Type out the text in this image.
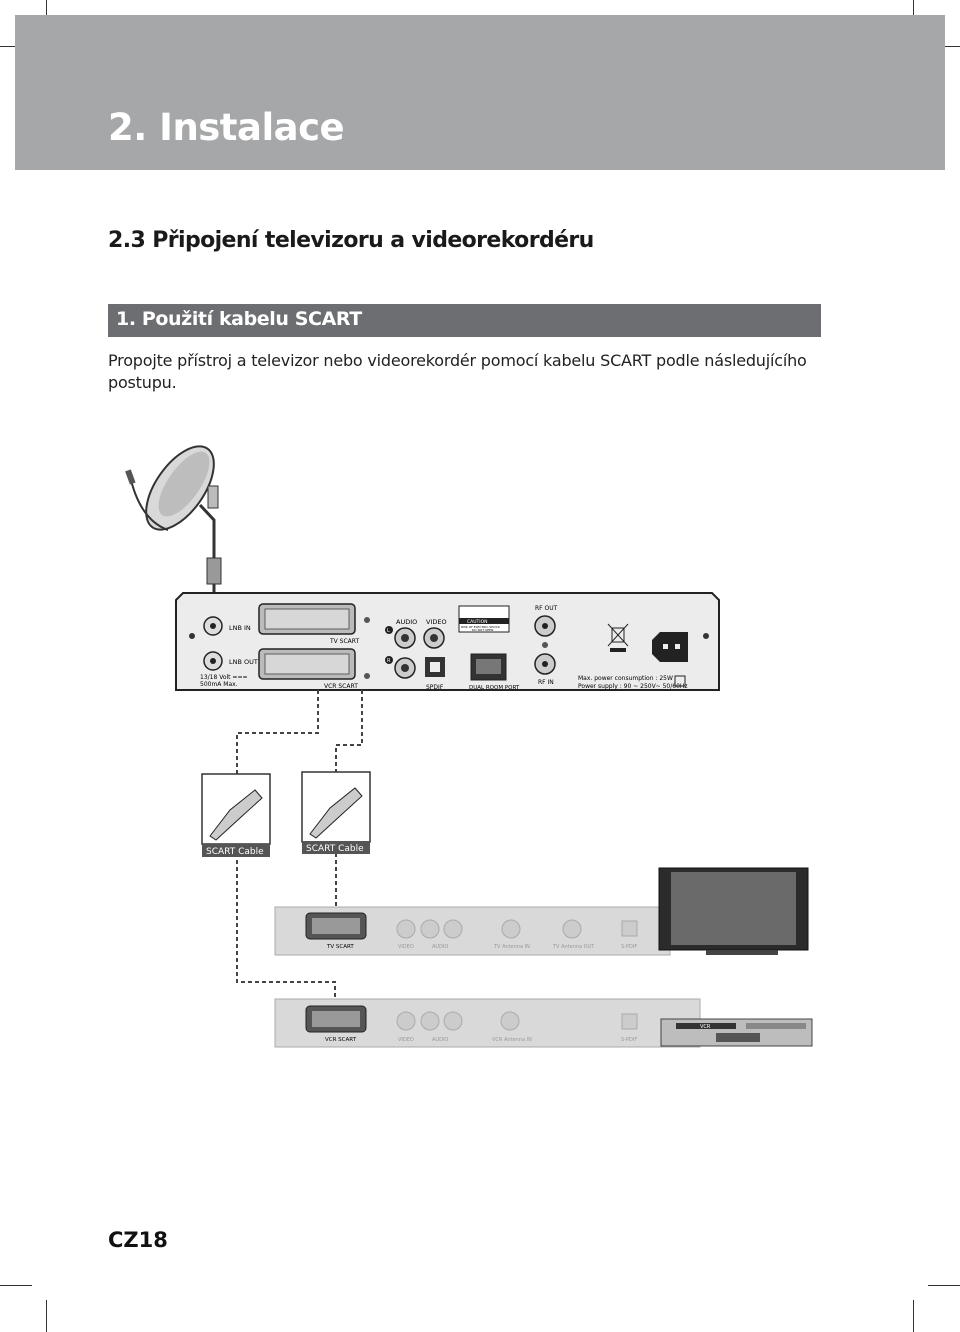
2. Instalace
2.3 Připojení televizoru a videorekordéru
1. Použití kabelu SCART
Propojte přístroj a televizor nebo videorekordér pomocí kabelu SCART podle následujícího postupu.
LNB IN
LNB OUT
13/18 Volt ===
500mA Max.
TV SCART
VCR SCART
AUDIO VIDEO
L
R
SPDIF
CAUTION
RISK OF ELECTRIC SHOCK
DO NOT OPEN
DUAL ROOM PORT
RF OUT
RF IN
Max. power consumption : 25W
Power supply : 90 ~ 250V~ 50/60Hz
SCART Cable	SCART Cable
TV SCART	VIDEO	AUDIO	TV Antenna IN	TV Antenna OUT	S-PDIF
VCR SCART	VIDEO	AUDIO	VCR Antenna IN	S-PDIF
VCR
CZ18
